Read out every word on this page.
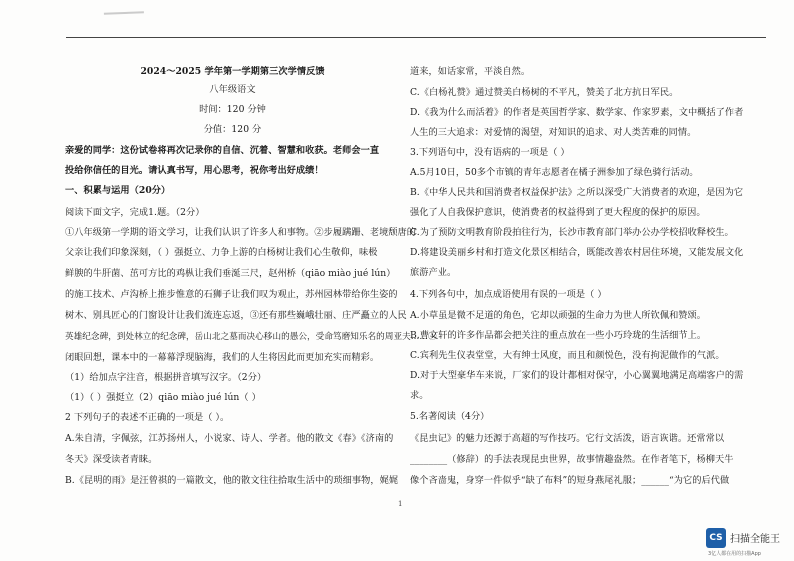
2024～2025 学年第一学期第三次学情反馈
八年级语文
时间：120 分钟
分值：120 分
亲爱的同学：这份试卷将再次记录你的自信、沉着、智慧和收获。老师会一直
投给你信任的目光。请认真书写，用心思考，祝你考出好成绩！
一、积累与运用（20分）
阅读下面文字，完成1.题。（2分）
①八年级第一学期的语文学习，让我们认识了许多人和事物。②步履蹒跚、老境颓唐的
父亲让我们印象深刻，（ ）强挺立、力争上游的白杨树让我们心生敬仰，味极
鲜腴的牛肝菌、茁可方比的鸡枞让我们垂涎三尺，赵州桥（qiāo miào jué lún）
的施工技术、卢沟桥上推步惟意的石狮子让我们叹为观止，苏州园林带给你生姿的
树木、别具匠心的门窗设计让我们流连忘返，③还有那些巍峨壮丽、庄严矗立的人民
英雄纪念碑，到处林立的纪念碑，岳山北之墓而决心移山的愚公，受命笃磨知乐名的周亚夫……④
闭眼回想，课本中的一幕幕浮现脑海，我们的人生将因此而更加充实而精彩。
（1）给加点字注音，根据拼音填写汉字。（2分）
（1）（ ）强挺立（2）qiāo miào jué lún（ ）
2 下列句子的表述不正确的一项是（ ）。
A.朱自清，字佩弦，江苏扬州人，小说家、诗人、学者。他的散文《春》《济南的
冬天》深受读者青睐。
B.《昆明的雨》是汪曾祺的一篇散文，他的散文往往拾取生活中的琐细事物，娓娓
道来，如话家常，平淡自然。
C.《白杨礼赞》通过赞美白杨树的不平凡，赞美了北方抗日军民。
D.《我为什么而活着》的作者是英国哲学家、数学家、作家罗素，文中概括了作者
人生的三大追求：对爱情的渴望，对知识的追求、对人类苦难的同情。
3.下列语句中，没有语病的一项是（ ）
A.5月10日，50多个市镇的青年志愿者在橘子洲参加了绿色骑行活动。
B.《中华人民共和国消费者权益保护法》之所以深受广大消费者的欢迎，是因为它
强化了人自我保护意识，使消费者的权益得到了更大程度的保护的原因。
C.为了预防文明教育阶段拍往行为，长沙市教育部门举办公办学校招收释校生。
D.将建设美丽乡村和打造文化景区相结合，既能改善农村居住环境，又能发展文化
旅游产业。
4.下列各句中，加点成语使用有误的一项是（ ）
A.小草虽是微不足道的角色，它却以顽强的生命力为世人所钦佩和赞颂。
B.曹文轩的许多作品都会把关注的重点放在一些小巧玲珑的生活细节上。
C.宾利先生仪表堂堂，大有绅士风度，而且和颜悦色，没有拘泥做作的气派。
D.对于大型豪华车来说，厂家们的设计都相对保守，小心翼翼地满足高端客户的需
求。
5.名著阅读（4分）
《昆虫记》的魅力还源于高超的写作技巧。它行文活泼，语言诙谐。还常常以
________（修辞）的手法表现昆虫世界，故事情趣盎然。在作者笔下，杨柳天牛
像个吝啬鬼，身穿一件似乎“缺了布料”的短身燕尾礼服；______“为它的后代做
1
CS 扫描全能王
3亿人都在用的扫描App
